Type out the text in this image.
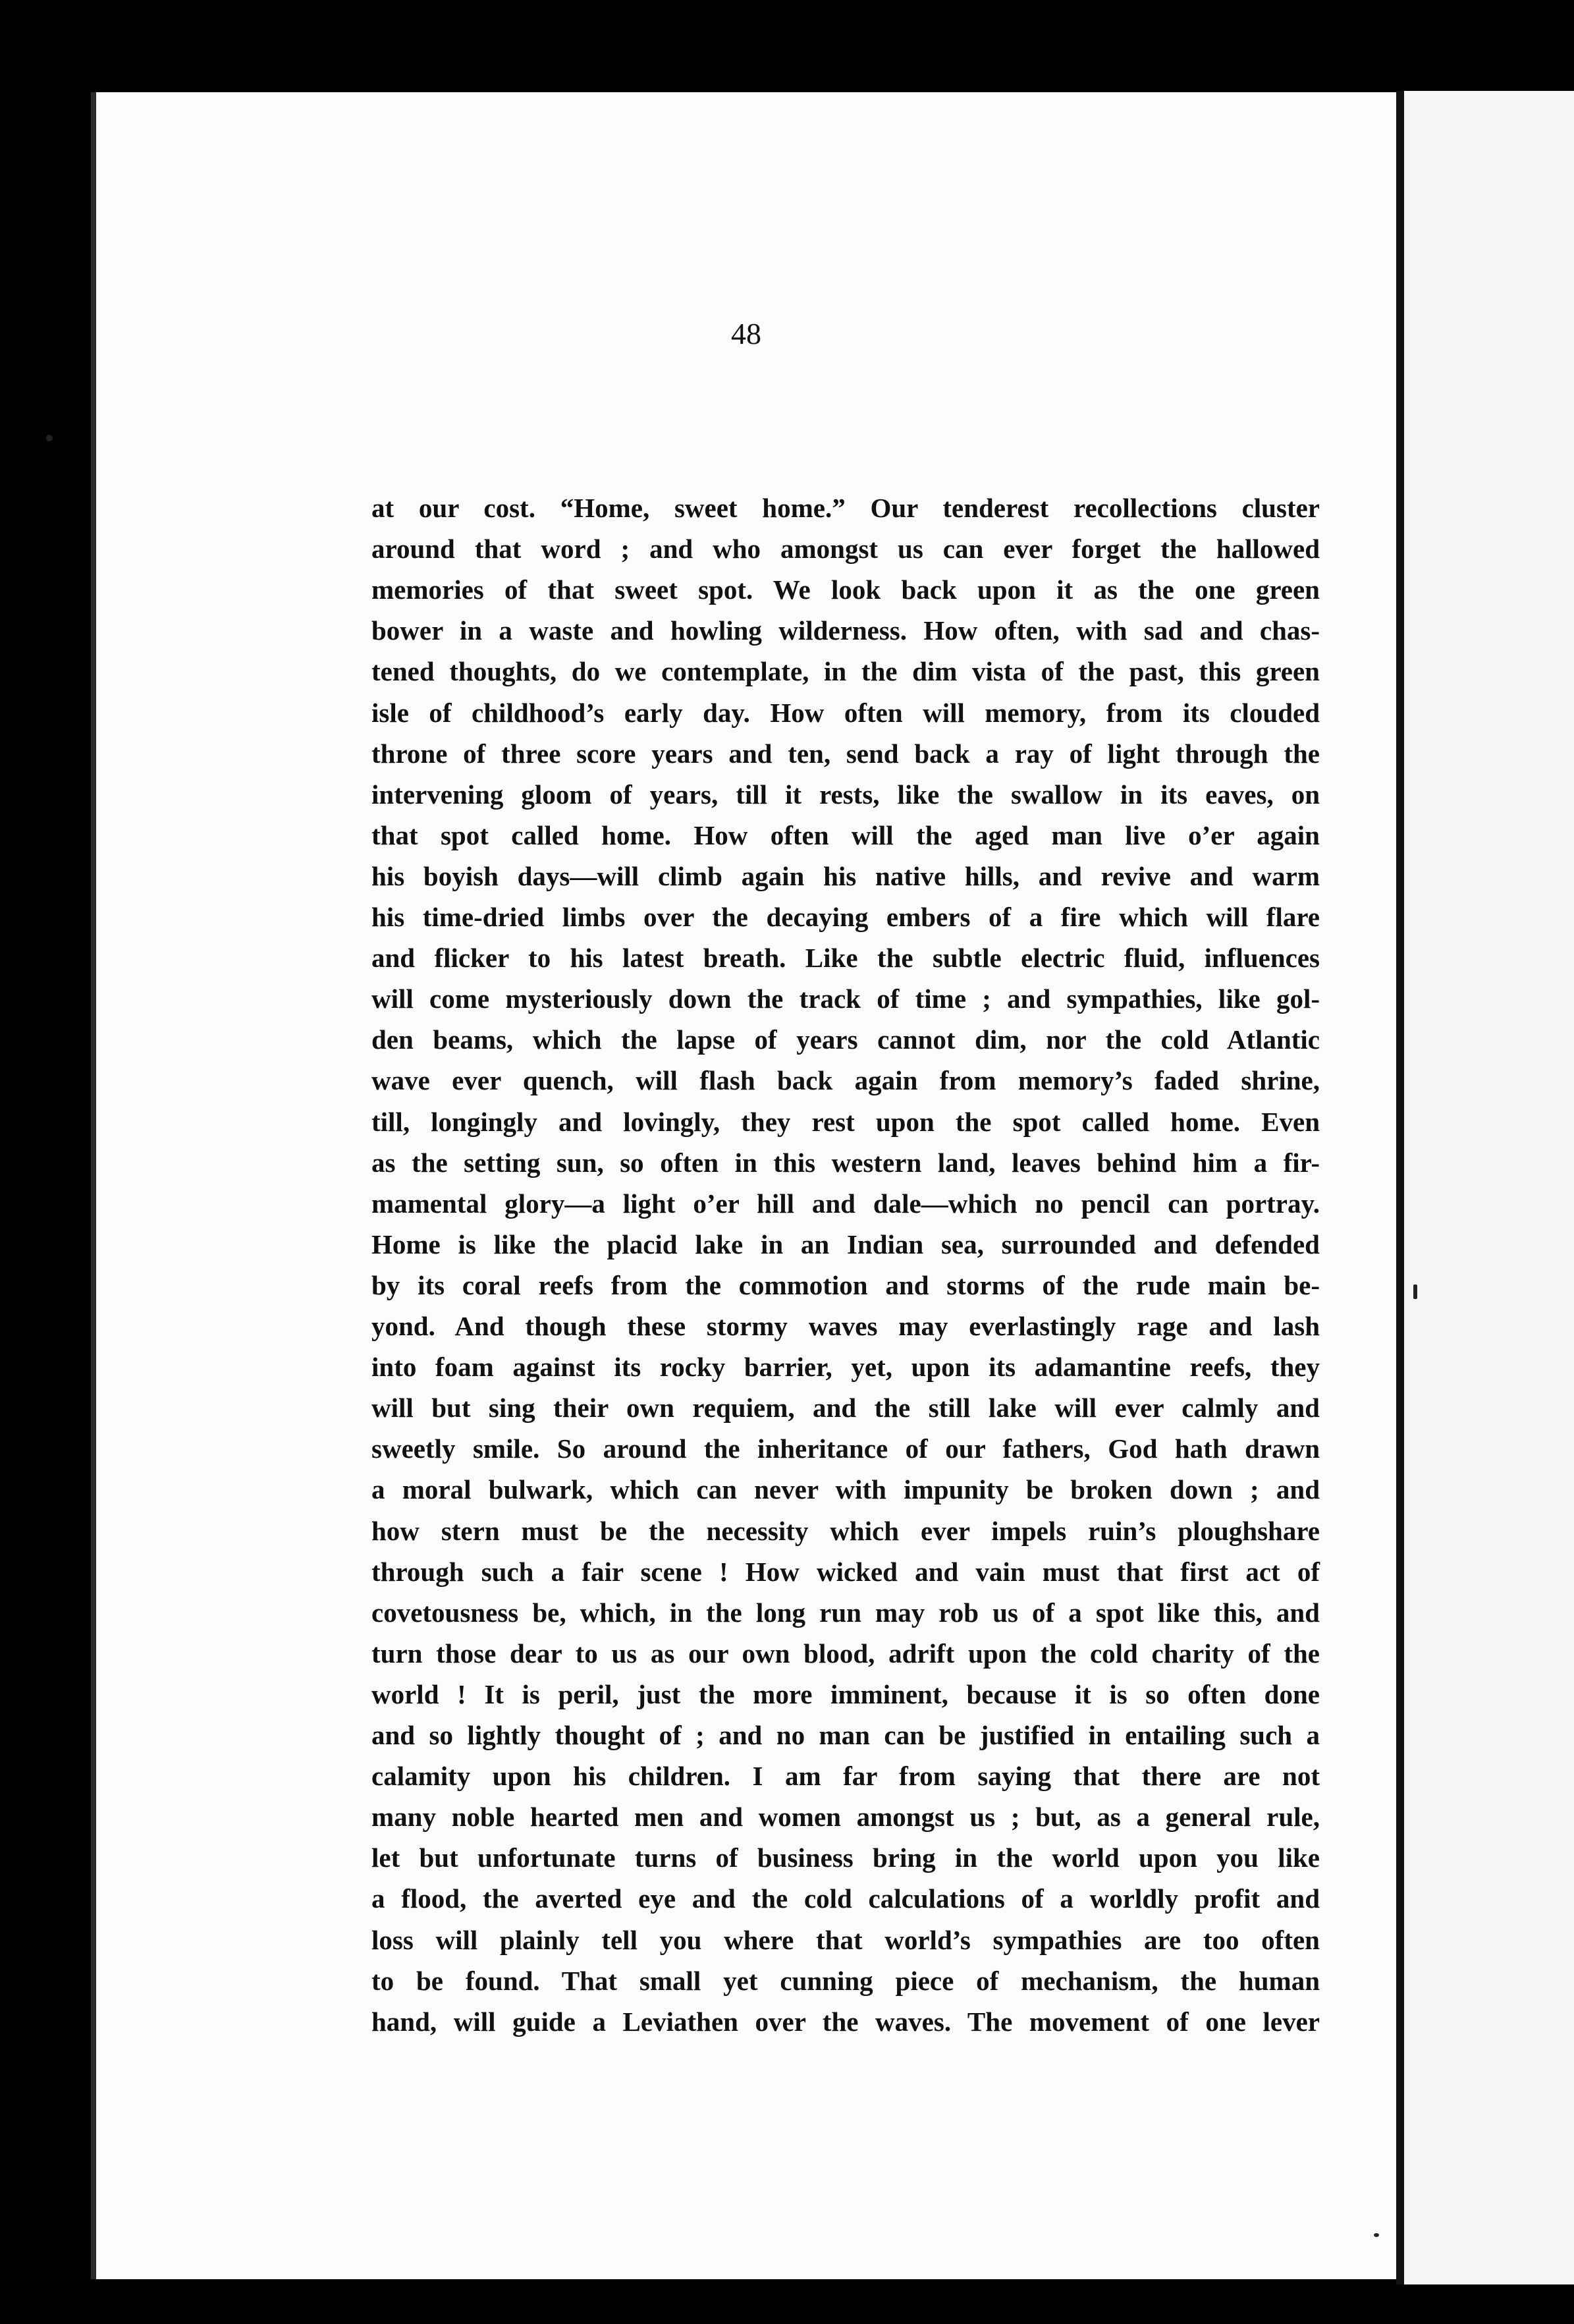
48
at our cost. “Home, sweet home.” Our tenderest recollections cluster
around that word ; and who amongst us can ever forget the hallowed
memories of that sweet spot. We look back upon it as the one green
bower in a waste and howling wilderness. How often, with sad and chas-
tened thoughts, do we contemplate, in the dim vista of the past, this green
isle of childhood’s early day. How often will memory, from its clouded
throne of three score years and ten, send back a ray of light through the
intervening gloom of years, till it rests, like the swallow in its eaves, on
that spot called home. How often will the aged man live o’er again
his boyish days—will climb again his native hills, and revive and warm
his time-dried limbs over the decaying embers of a fire which will flare
and flicker to his latest breath. Like the subtle electric fluid, influences
will come mysteriously down the track of time ; and sympathies, like gol-
den beams, which the lapse of years cannot dim, nor the cold Atlantic
wave ever quench, will flash back again from memory’s faded shrine,
till, longingly and lovingly, they rest upon the spot called home. Even
as the setting sun, so often in this western land, leaves behind him a fir-
mamental glory—a light o’er hill and dale—which no pencil can portray.
Home is like the placid lake in an Indian sea, surrounded and defended
by its coral reefs from the commotion and storms of the rude main be-
yond. And though these stormy waves may everlastingly rage and lash
into foam against its rocky barrier, yet, upon its adamantine reefs, they
will but sing their own requiem, and the still lake will ever calmly and
sweetly smile. So around the inheritance of our fathers, God hath drawn
a moral bulwark, which can never with impunity be broken down ; and
how stern must be the necessity which ever impels ruin’s ploughshare
through such a fair scene ! How wicked and vain must that first act of
covetousness be, which, in the long run may rob us of a spot like this, and
turn those dear to us as our own blood, adrift upon the cold charity of the
world ! It is peril, just the more imminent, because it is so often done
and so lightly thought of ; and no man can be justified in entailing such a
calamity upon his children. I am far from saying that there are not
many noble hearted men and women amongst us ; but, as a general rule,
let but unfortunate turns of business bring in the world upon you like
a flood, the averted eye and the cold calculations of a worldly profit and
loss will plainly tell you where that world’s sympathies are too often
to be found. That small yet cunning piece of mechanism, the human
hand, will guide a Leviathen over the waves. The movement of one lever
